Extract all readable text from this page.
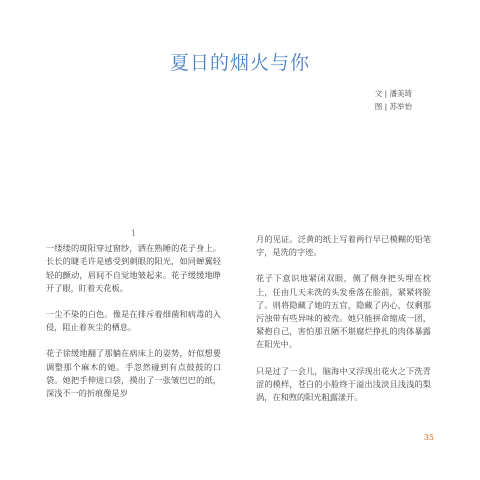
夏日的烟火与你
文 | 潘美琦
图 | 苏举怡
1

一缕缕的斑阳穿过窗纱，洒在熟睡的花子身上。长长的睫毛许是感受到刺眼的阳光，如同蝉翼轻轻的颤动，眉间不自觉地皱起来。花子缓缓地睁开了眼，盯着天花板。

一尘不染的白色。像是在排斥着细菌和病毒的入侵，阻止着灰尘的栖息。

花子徐缓地翻了那躺在病床上的姿势，好似想要调整那个麻木的她。手忽然碰到有点鼓鼓的口袋。她把手伸进口袋，摸出了一张皱巴巴的纸，深浅不一的折痕像是岁

月的见证。泛黄的纸上写着两行早已模糊的铅笔字，是洗的字迹。

花子下意识地紧闭双眼，侧了侧身把头埋在枕上，任由几天未洗的头发垂落在脸前，紧紧将脸了。则将隐藏了她的五官，隐藏了内心，仅剩那污浊带有些异味的被壳。她只能拼命缩成一团，紧抱自己，害怕那丑陋不堪腐烂挣扎的肉体暴露在阳光中。

只是过了一会儿，脑海中又浮现出花火之下洗青涩的模样，苍白的小脸终于溢出浅淡且浅浅的梨涡，在和煦的阳光粗露漾开。

35
